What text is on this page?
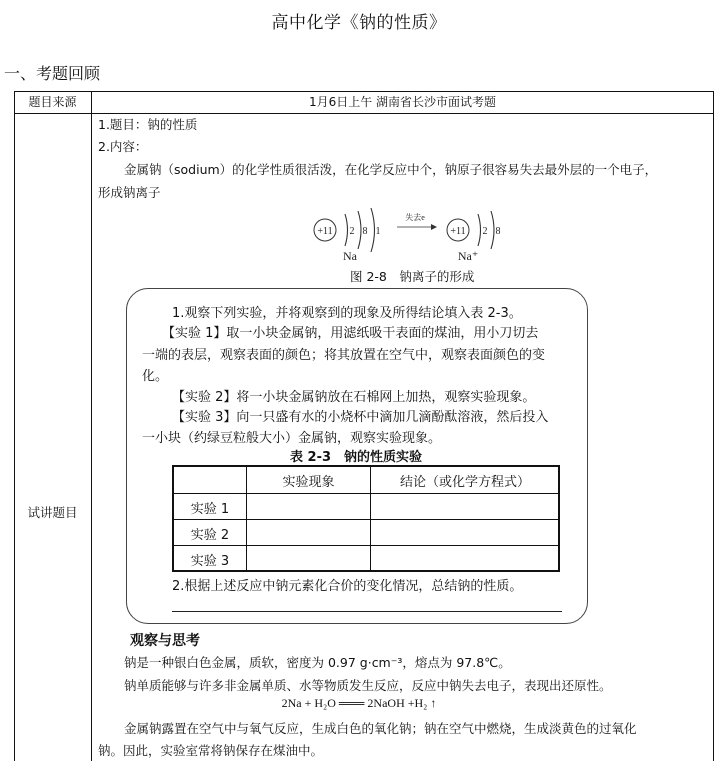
高中化学《钠的性质》
一、考题回顾
题目来源	1月6日上午 湖南省长沙市面试考题
试讲题目
1.题目：钠的性质
2.内容：
金属钠（sodium）的化学性质很活泼，在化学反应中个，钠原子很容易失去最外层的一个电子，
形成钠离子
+11 2 8 1
Na
失去e
+11 2 8
Na⁺
图 2-8　钠离子的形成
1.观察下列实验，并将观察到的现象及所得结论填入表 2-3。
【实验 1】取一小块金属钠，用滤纸吸干表面的煤油，用小刀切去
一端的表层，观察表面的颜色；将其放置在空气中，观察表面颜色的变
化。
【实验 2】将一小块金属钠放在石棉网上加热，观察实验现象。
【实验 3】向一只盛有水的小烧杯中滴加几滴酚酞溶液，然后投入
一小块（约绿豆粒般大小）金属钠，观察实验现象。
表 2-3　钠的性质实验
实验现象	结论（或化学方程式）
实验 1
实验 2
实验 3
2.根据上述反应中钠元素化合价的变化情况，总结钠的性质。
观察与思考
钠是一种银白色金属，质软，密度为 0.97 g·cm⁻³，熔点为 97.8℃。
钠单质能够与许多非金属单质、水等物质发生反应，反应中钠失去电子，表现出还原性。
2Na + H₂O ═══ 2NaOH +H₂ ↑
金属钠露置在空气中与氧气反应，生成白色的氧化钠；钠在空气中燃烧，生成淡黄色的过氧化
钠。因此，实验室常将钠保存在煤油中。
